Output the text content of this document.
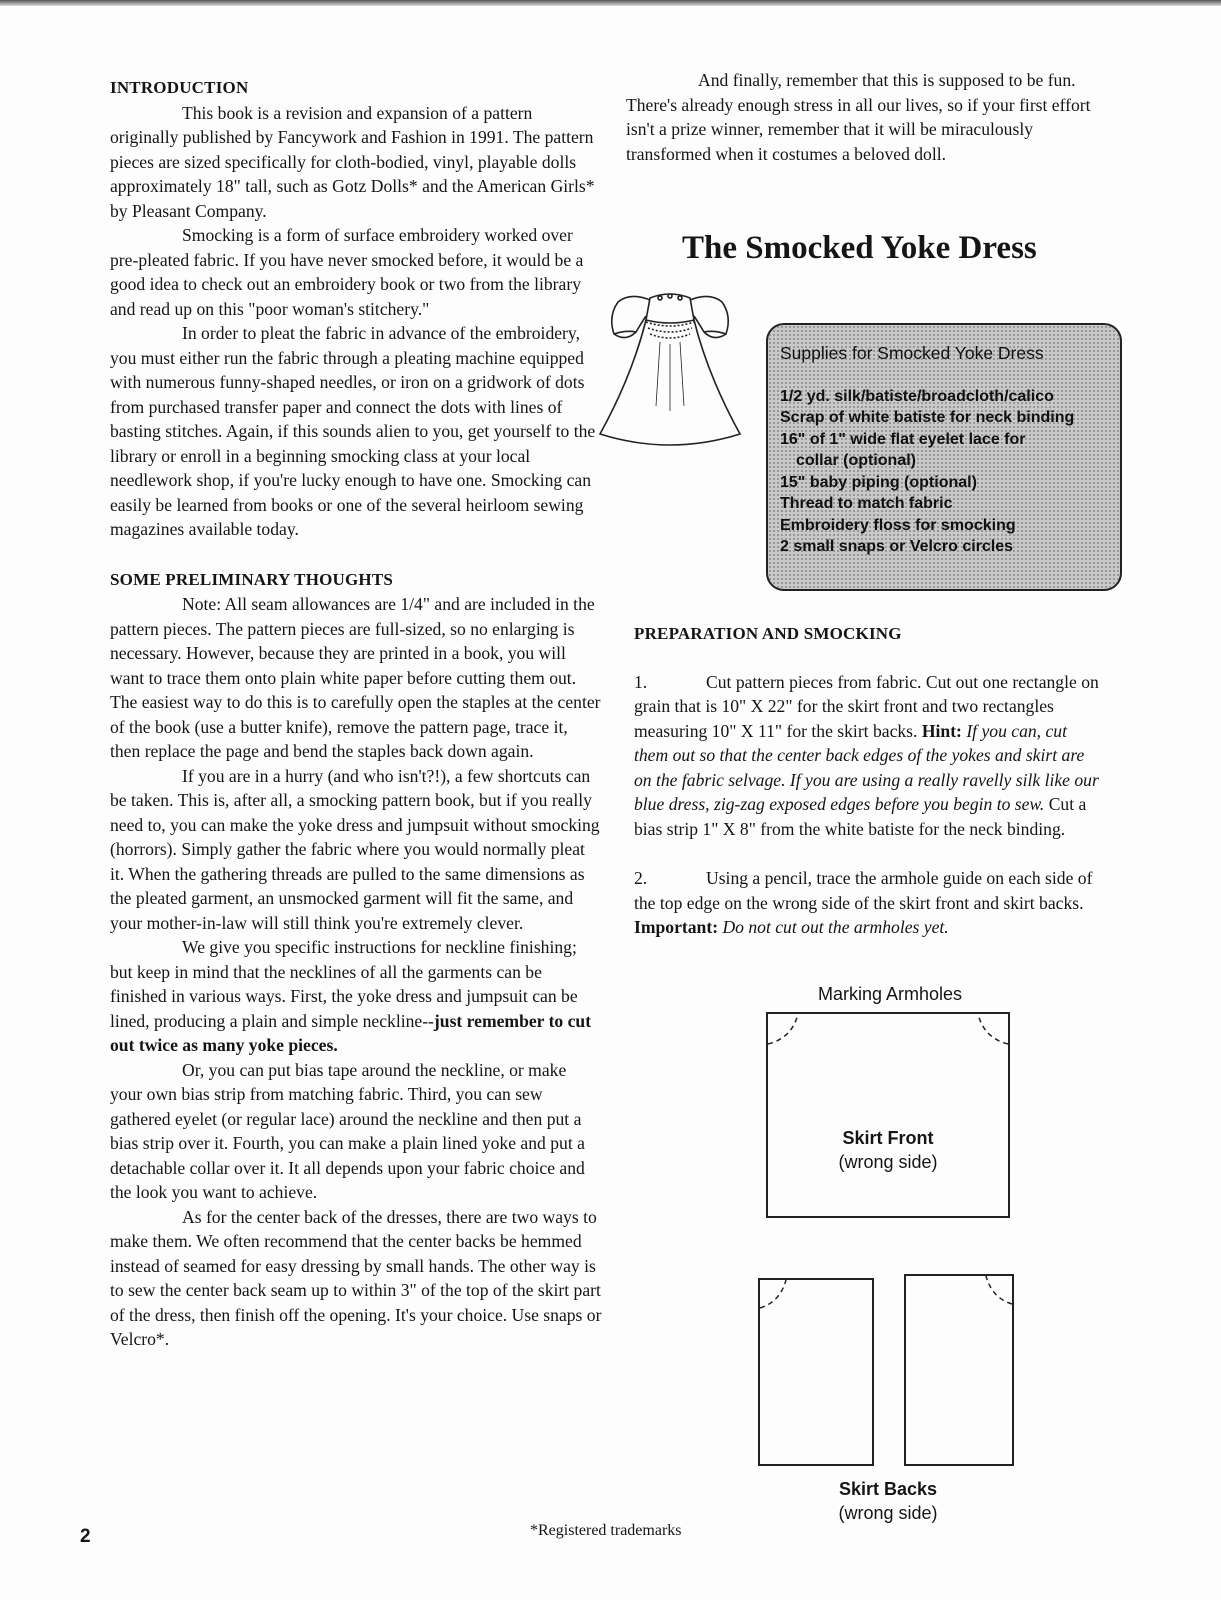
INTRODUCTION

This book is a revision and expansion of a pattern originally published by Fancywork and Fashion in 1991. The pattern pieces are sized specifically for cloth-bodied, vinyl, playable dolls approximately 18" tall, such as Gotz Dolls* and the American Girls* by Pleasant Company.

Smocking is a form of surface embroidery worked over pre-pleated fabric. If you have never smocked before, it would be a good idea to check out an embroidery book or two from the library and read up on this "poor woman's stitchery."

In order to pleat the fabric in advance of the embroidery, you must either run the fabric through a pleating machine equipped with numerous funny-shaped needles, or iron on a gridwork of dots from purchased transfer paper and connect the dots with lines of basting stitches. Again, if this sounds alien to you, get yourself to the library or enroll in a beginning smocking class at your local needlework shop, if you're lucky enough to have one. Smocking can easily be learned from books or one of the several heirloom sewing magazines available today.

SOME PRELIMINARY THOUGHTS

Note: All seam allowances are 1/4" and are included in the pattern pieces. The pattern pieces are full-sized, so no enlarging is necessary. However, because they are printed in a book, you will want to trace them onto plain white paper before cutting them out. The easiest way to do this is to carefully open the staples at the center of the book (use a butter knife), remove the pattern page, trace it, then replace the page and bend the staples back down again.

If you are in a hurry (and who isn't?!), a few shortcuts can be taken. This is, after all, a smocking pattern book, but if you really need to, you can make the yoke dress and jumpsuit without smocking (horrors). Simply gather the fabric where you would normally pleat it. When the gathering threads are pulled to the same dimensions as the pleated garment, an unsmocked garment will fit the same, and your mother-in-law will still think you're extremely clever.

We give you specific instructions for neckline finishing; but keep in mind that the necklines of all the garments can be finished in various ways. First, the yoke dress and jumpsuit can be lined, producing a plain and simple neckline--just remember to cut out twice as many yoke pieces.

Or, you can put bias tape around the neckline, or make your own bias strip from matching fabric. Third, you can sew gathered eyelet (or regular lace) around the neckline and then put a bias strip over it. Fourth, you can make a plain lined yoke and put a detachable collar over it. It all depends upon your fabric choice and the look you want to achieve.

As for the center back of the dresses, there are two ways to make them. We often recommend that the center backs be hemmed instead of seamed for easy dressing by small hands. The other way is to sew the center back seam up to within 3" of the top of the skirt part of the dress, then finish off the opening. It's your choice. Use snaps or Velcro*.

And finally, remember that this is supposed to be fun. There's already enough stress in all our lives, so if your first effort isn't a prize winner, remember that it will be miraculously transformed when it costumes a beloved doll.

The Smocked Yoke Dress
Supplies for Smocked Yoke Dress
1/2 yd. silk/batiste/broadcloth/calico
Scrap of white batiste for neck binding
16" of 1" wide flat eyelet lace for
collar (optional)
15" baby piping (optional)
Thread to match fabric
Embroidery floss for smocking
2 small snaps or Velcro circles
PREPARATION AND SMOCKING

1.	Cut pattern pieces from fabric. Cut out one rectangle on grain that is 10" X 22" for the skirt front and two rectangles measuring 10" X 11" for the skirt backs. Hint: If you can, cut them out so that the center back edges of the yokes and skirt are on the fabric selvage. If you are using a really ravelly silk like our blue dress, zig-zag exposed edges before you begin to sew. Cut a bias strip 1" X 8" from the white batiste for the neck binding.

2.	Using a pencil, trace the armhole guide on each side of the top edge on the wrong side of the skirt front and skirt backs. Important: Do not cut out the armholes yet.

Marking Armholes
Skirt Front
(wrong side)
Skirt Backs
(wrong side)
2	*Registered trademarks
